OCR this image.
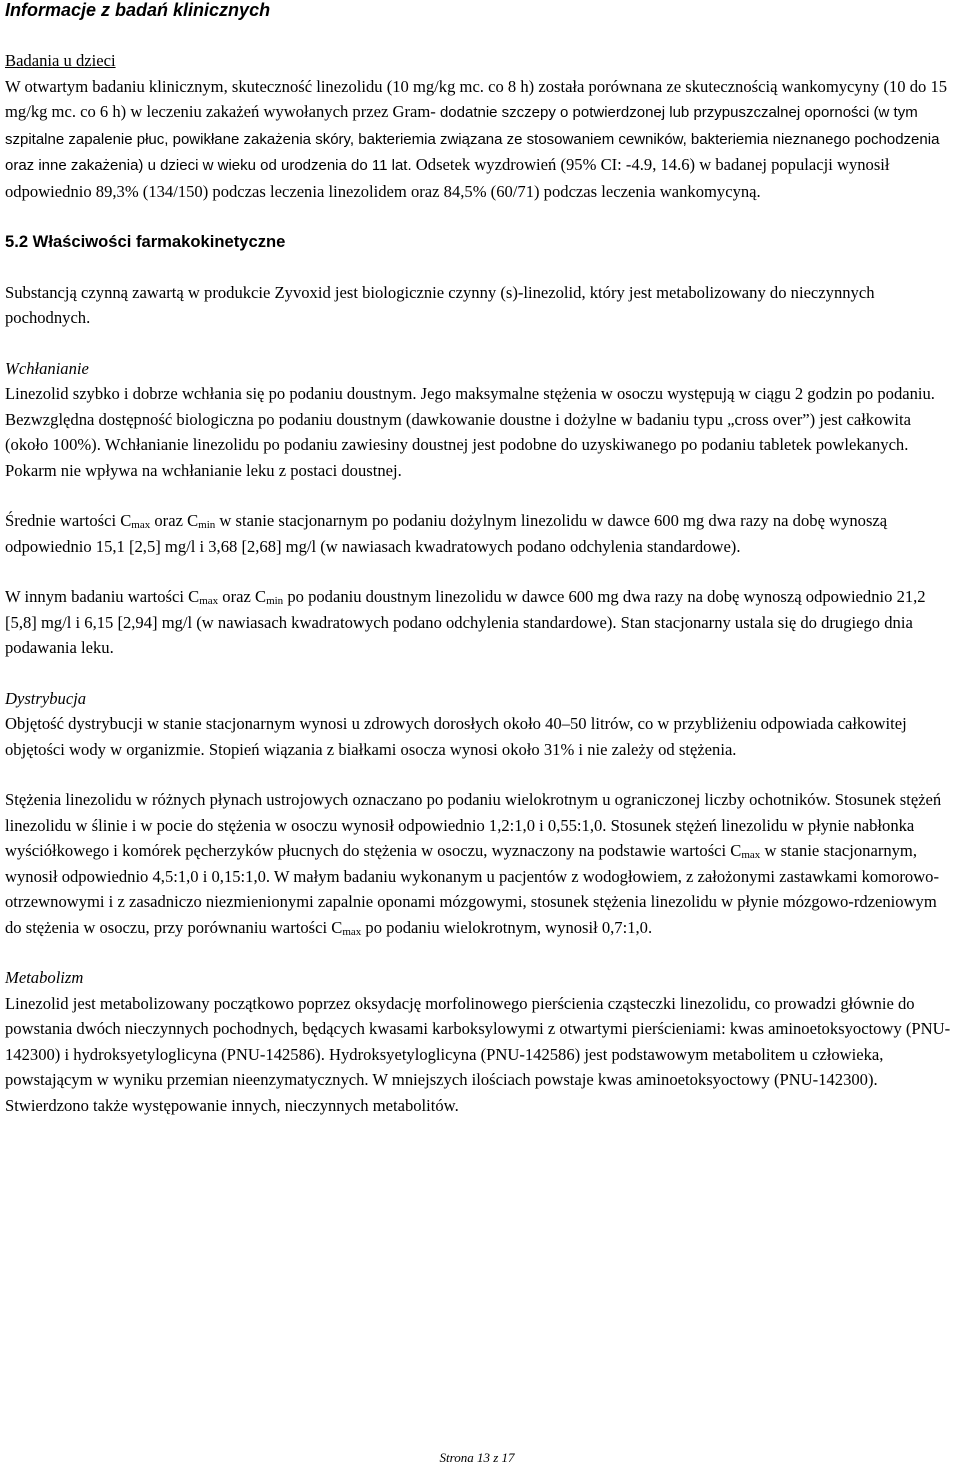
Informacje z badań klinicznych

Badania u dzieci

W otwartym badaniu klinicznym, skuteczność linezolidu (10 mg/kg mc. co 8 h) została porównana ze skutecznością wankomycyny (10 do 15 mg/kg mc. co 6 h) w leczeniu zakażeń wywołanych przez Gram- dodatnie szczepy o potwierdzonej lub przypuszczalnej oporności (w tym szpitalne zapalenie płuc, powikłane zakażenia skóry, bakteriemia związana ze stosowaniem cewników, bakteriemia nieznanego pochodzenia oraz inne zakażenia) u dzieci w wieku od urodzenia do 11 lat. Odsetek wyzdrowień (95% CI: -4.9, 14.6) w badanej populacji wynosił odpowiednio 89,3% (134/150) podczas leczenia linezolidem oraz 84,5% (60/71) podczas leczenia wankomycyną.

5.2 Właściwości farmakokinetyczne

Substancją czynną zawartą w produkcie Zyvoxid jest biologicznie czynny (s)-linezolid, który jest metabolizowany do nieczynnych pochodnych.

Wchłanianie

Linezolid szybko i dobrze wchłania się po podaniu doustnym. Jego maksymalne stężenia w osoczu występują w ciągu 2 godzin po podaniu. Bezwzględna dostępność biologiczna po podaniu doustnym (dawkowanie doustne i dożylne w badaniu typu „cross over”) jest całkowita (około 100%). Wchłanianie linezolidu po podaniu zawiesiny doustnej jest podobne do uzyskiwanego po podaniu tabletek powlekanych. Pokarm nie wpływa na wchłanianie leku z postaci doustnej.

Średnie wartości $C_{max}$ oraz $C_{min}$ w stanie stacjonarnym po podaniu dożylnym linezolidu w dawce 600 mg dwa razy na dobę wynoszą odpowiednio 15,1 [2,5] mg/l i 3,68 [2,68] mg/l (w nawiasach kwadratowych podano odchylenia standardowe).

W innym badaniu wartości $C_{max}$ oraz $C_{min}$ po podaniu doustnym linezolidu w dawce 600 mg dwa razy na dobę wynoszą odpowiednio 21,2 [5,8] mg/l i 6,15 [2,94] mg/l (w nawiasach kwadratowych podano odchylenia standardowe). Stan stacjonarny ustala się do drugiego dnia podawania leku.

Dystrybucja

Objętość dystrybucji w stanie stacjonarnym wynosi u zdrowych dorosłych około 40–50 litrów, co w przybliżeniu odpowiada całkowitej objętości wody w organizmie. Stopień wiązania z białkami osocza wynosi około 31% i nie zależy od stężenia.

Stężenia linezolidu w różnych płynach ustrojowych oznaczano po podaniu wielokrotnym u ograniczonej liczby ochotników. Stosunek stężeń linezolidu w ślinie i w pocie do stężenia w osoczu wynosił odpowiednio 1,2:1,0 i 0,55:1,0. Stosunek stężeń linezolidu w płynie nabłonka wyściółkowego i komórek pęcherzyków płucnych do stężenia w osoczu, wyznaczony na podstawie wartości $C_{max}$ w stanie stacjonarnym, wynosił odpowiednio 4,5:1,0 i 0,15:1,0. W małym badaniu wykonanym u pacjentów z wodogłowiem, z założonymi zastawkami komorowo-otrzewnowymi i z zasadniczo niezmienionymi zapalnie oponami mózgowymi, stosunek stężenia linezolidu w płynie mózgowo-rdzeniowym do stężenia w osoczu, przy porównaniu wartości $C_{max}$ po podaniu wielokrotnym, wynosił 0,7:1,0.

Metabolizm

Linezolid jest metabolizowany początkowo poprzez oksydację morfolinowego pierścienia cząsteczki linezolidu, co prowadzi głównie do powstania dwóch nieczynnych pochodnych, będących kwasami karboksylowymi z otwartymi pierścieniami: kwas aminoetoksyoctowy (PNU-142300) i hydroksyetyloglicyna (PNU-142586). Hydroksyetyloglicyna (PNU-142586) jest podstawowym metabolitem u człowieka, powstającym w wyniku przemian nieenzymatycznych. W mniejszych ilościach powstaje kwas aminoetoksyoctowy (PNU-142300). Stwierdzono także występowanie innych, nieczynnych metabolitów.

Strona 13 z 17
